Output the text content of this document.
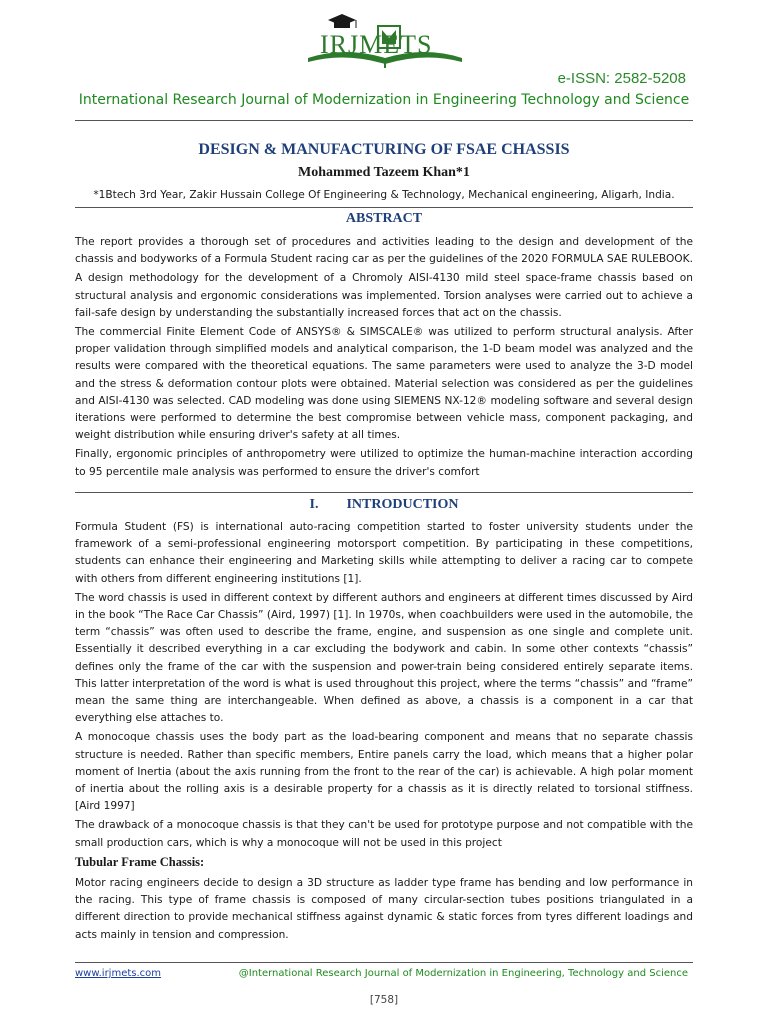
IRJMETS
e-ISSN: 2582-5208
International Research Journal of Modernization in Engineering Technology and Science
DESIGN & MANUFACTURING OF FSAE CHASSIS
Mohammed Tazeem Khan*1
*1Btech 3rd Year, Zakir Hussain College Of Engineering & Technology, Mechanical engineering, Aligarh, India.
ABSTRACT

The report provides a thorough set of procedures and activities leading to the design and development of the chassis and bodyworks of a Formula Student racing car as per the guidelines of the 2020 FORMULA SAE RULEBOOK.

A design methodology for the development of a Chromoly AISI-4130 mild steel space-frame chassis based on structural analysis and ergonomic considerations was implemented. Torsion analyses were carried out to achieve a fail-safe design by understanding the substantially increased forces that act on the chassis.

The commercial Finite Element Code of ANSYS® & SIMSCALE® was utilized to perform structural analysis. After proper validation through simplified models and analytical comparison, the 1-D beam model was analyzed and the results were compared with the theoretical equations. The same parameters were used to analyze the 3-D model and the stress & deformation contour plots were obtained. Material selection was considered as per the guidelines and AISI-4130 was selected. CAD modeling was done using SIEMENS NX-12® modeling software and several design iterations were performed to determine the best compromise between vehicle mass, component packaging, and weight distribution while ensuring driver's safety at all times.

Finally, ergonomic principles of anthropometry were utilized to optimize the human-machine interaction according to 95 percentile male analysis was performed to ensure the driver's comfort

I.        INTRODUCTION

Formula Student (FS) is international auto-racing competition started to foster university students under the framework of a semi-professional engineering motorsport competition. By participating in these competitions, students can enhance their engineering and Marketing skills while attempting to deliver a racing car to compete with others from different engineering institutions [1].

The word chassis is used in different context by different authors and engineers at different times discussed by Aird in the book “The Race Car Chassis” (Aird, 1997) [1]. In 1970s, when coachbuilders were used in the automobile, the term “chassis” was often used to describe the frame, engine, and suspension as one single and complete unit. Essentially it described everything in a car excluding the bodywork and cabin. In some other contexts “chassis” defines only the frame of the car with the suspension and power-train being considered entirely separate items. This latter interpretation of the word is what is used throughout this project, where the terms “chassis” and “frame” mean the same thing are interchangeable. When defined as above, a chassis is a component in a car that everything else attaches to.

A monocoque chassis uses the body part as the load-bearing component and means that no separate chassis structure is needed. Rather than specific members, Entire panels carry the load, which means that a higher polar moment of Inertia (about the axis running from the front to the rear of the car) is achievable. A high polar moment of inertia about the rolling axis is a desirable property for a chassis as it is directly related to torsional stiffness. [Aird 1997]

The drawback of a monocoque chassis is that they can't be used for prototype purpose and not compatible with the small production cars, which is why a monocoque will not be used in this project

Tubular Frame Chassis:

Motor racing engineers decide to design a 3D structure as ladder type frame has bending and low performance in the racing. This type of frame chassis is composed of many circular-section tubes positions triangulated in a different direction to provide mechanical stiffness against dynamic & static forces from tyres different loadings and acts mainly in tension and compression.

www.irjmets.com	@International Research Journal of Modernization in Engineering, Technology and Science
[758]
